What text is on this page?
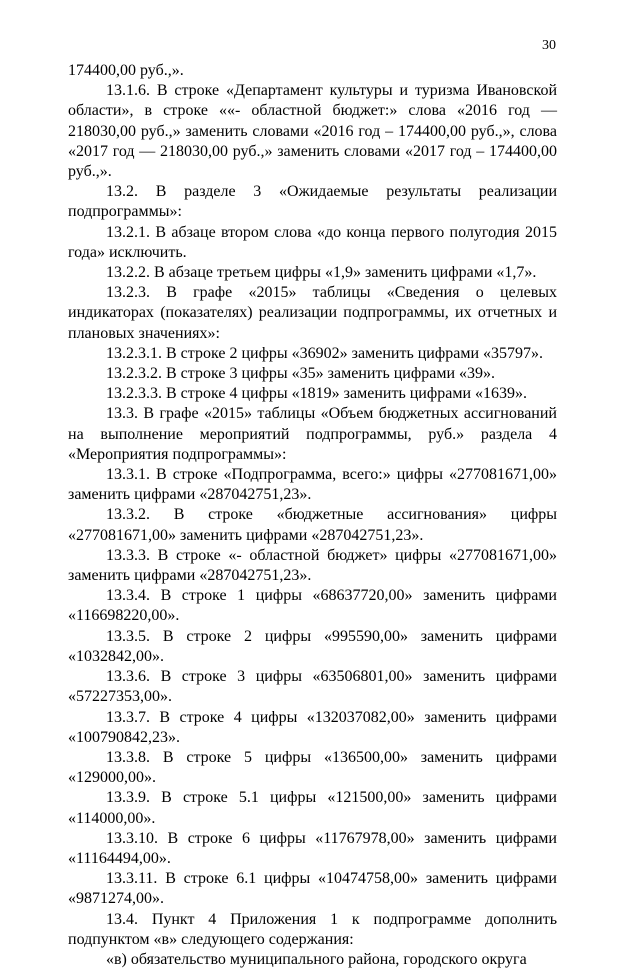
30

174400,00 руб.,».

13.1.6. В строке «Департамент культуры и туризма Ивановской области», в строке ««- областной бюджет:» слова «2016 год — 218030,00 руб.,» заменить словами «2016 год – 174400,00 руб.,», слова «2017 год — 218030,00 руб.,» заменить словами «2017 год – 174400,00 руб.,».

13.2. В разделе 3 «Ожидаемые результаты реализации подпрограммы»:

13.2.1. В абзаце втором слова «до конца первого полугодия 2015 года» исключить.

13.2.2. В абзаце третьем цифры «1,9» заменить цифрами «1,7».

13.2.3. В графе «2015» таблицы «Сведения о целевых индикаторах (показателях) реализации подпрограммы, их отчетных и плановых значениях»:

13.2.3.1. В строке 2 цифры «36902» заменить цифрами «35797».

13.2.3.2. В строке 3 цифры «35» заменить цифрами «39».

13.2.3.3. В строке 4 цифры «1819» заменить цифрами «1639».

13.3. В графе «2015» таблицы «Объем бюджетных ассигнований на выполнение мероприятий подпрограммы, руб.» раздела 4 «Мероприятия подпрограммы»:

13.3.1. В строке «Подпрограмма, всего:» цифры «277081671,00» заменить цифрами «287042751,23».

13.3.2. В строке «бюджетные ассигнования» цифры «277081671,00» заменить цифрами «287042751,23».

13.3.3. В строке «- областной бюджет» цифры «277081671,00» заменить цифрами «287042751,23».

13.3.4. В строке 1 цифры «68637720,00» заменить цифрами «116698220,00».

13.3.5. В строке 2 цифры «995590,00» заменить цифрами «1032842,00».

13.3.6. В строке 3 цифры «63506801,00» заменить цифрами «57227353,00».

13.3.7. В строке 4 цифры «132037082,00» заменить цифрами «100790842,23».

13.3.8. В строке 5 цифры «136500,00» заменить цифрами «129000,00».

13.3.9. В строке 5.1 цифры «121500,00» заменить цифрами «114000,00».

13.3.10. В строке 6 цифры «11767978,00» заменить цифрами «11164494,00».

13.3.11. В строке 6.1 цифры «10474758,00» заменить цифрами «9871274,00».

13.4. Пункт 4 Приложения 1 к подпрограмме дополнить подпунктом «в» следующего содержания:

«в) обязательство муниципального района, городского округа
